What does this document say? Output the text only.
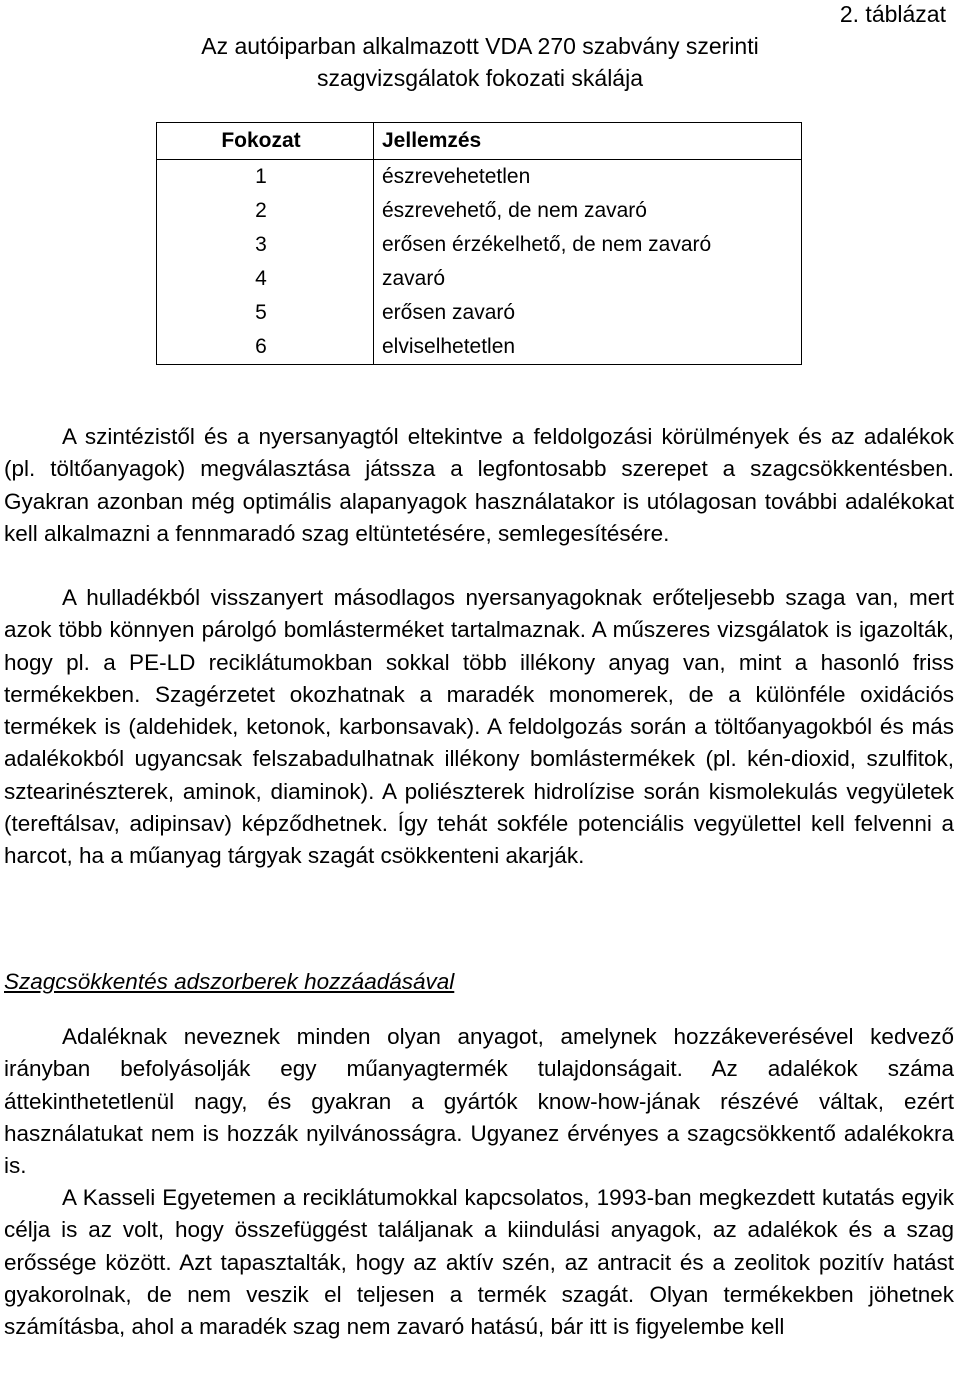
2. táblázat
Az autóiparban alkalmazott VDA 270 szabvány szerinti
szagvizsgálatok fokozati skálája
Fokozat	Jellemzés
1	észrevehetetlen
2	észrevehető, de nem zavaró
3	erősen érzékelhető, de nem zavaró
4	zavaró
5	erősen zavaró
6	elviselhetetlen

A szintézistől és a nyersanyagtól eltekintve a feldolgozási körülmények és az adalékok (pl. töltőanyagok) megválasztása játssza a legfontosabb szerepet a szagcsökkentésben. Gyakran azonban még optimális alapanyagok használatakor is utólagosan további adalékokat kell alkalmazni a fennmaradó szag eltüntetésére, semlegesítésére.

A hulladékból visszanyert másodlagos nyersanyagoknak erőteljesebb szaga van, mert azok több könnyen párolgó bomlásterméket tartalmaznak. A műszeres vizsgálatok is igazolták, hogy pl. a PE-LD reciklátumokban sokkal több illékony anyag van, mint a hasonló friss termékekben. Szagérzetet okozhatnak a maradék monomerek, de a különféle oxidációs termékek is (aldehidek, ketonok, karbonsavak). A feldolgozás során a töltőanyagokból és más adalékokból ugyancsak felszabadulhatnak illékony bomlástermékek (pl. kén-dioxid, szulfitok, sztearinészterek, aminok, diaminok). A poliészterek hidrolízise során kismolekulás vegyületek (tereftálsav, adipinsav) képződhetnek. Így tehát sokféle potenciális vegyülettel kell felvenni a harcot, ha a műanyag tárgyak szagát csökkenteni akarják.

Szagcsökkentés adszorberek hozzáadásával

Adaléknak neveznek minden olyan anyagot, amelynek hozzákeverésével kedvező irányban befolyásolják egy műanyagtermék tulajdonságait. Az adalékok száma áttekinthetetlenül nagy, és gyakran a gyártók know-how-jának részévé váltak, ezért használatukat nem is hozzák nyilvánosságra. Ugyanez érvényes a szagcsökkentő adalékokra is.

A Kasseli Egyetemen a reciklátumokkal kapcsolatos, 1993-ban megkezdett kutatás egyik célja is az volt, hogy összefüggést találjanak a kiindulási anyagok, az adalékok és a szag erőssége között. Azt tapasztalták, hogy az aktív szén, az antracit és a zeolitok pozitív hatást gyakorolnak, de nem veszik el teljesen a termék szagát. Olyan termékekben jöhetnek számításba, ahol a maradék szag nem zavaró hatású, bár itt is figyelembe kell
